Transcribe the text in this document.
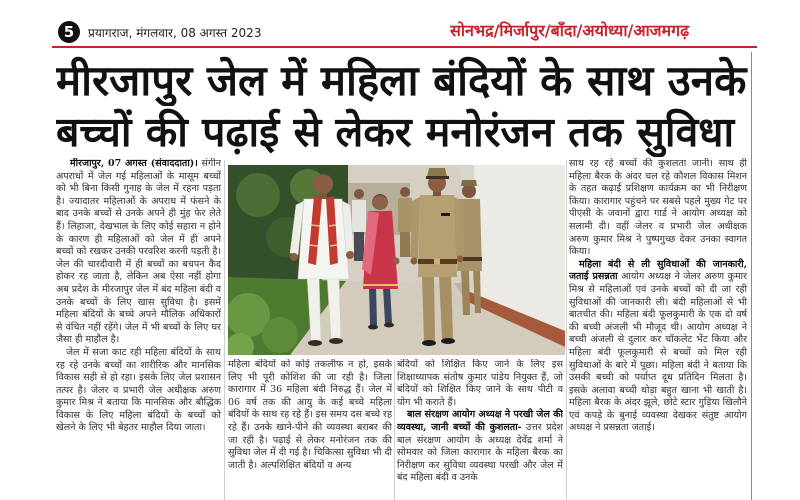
5	प्रयागराज, मंगलवार, 08 अगस्त 2023	सोनभद्र/मिर्जापुर/बाँदा/अयोध्या/आजमगढ़
मीरजापुर जेल में महिला बंदियों के साथ उनके
बच्चों की पढ़ाई से लेकर मनोरंजन तक सुविधा

मीरजापुर, 07 अगस्त (संवाददाता)। संगीन अपराधों में जेल गई महिलाओं के मासूम बच्चों को भी बिना किसी गुनाह के जेल में रहना पड़ता है। ज्यादातर महिलाओं के अपराध में फंसने के बाद उनके बच्चों से उनके अपने ही मुंह फेर लेते हैं। लिहाजा, देखभाल के लिए कोई सहारा न होने के कारण ही महिलाओं को जेल में ही अपने बच्चों को रखकर उनकी परवरिश करनी पड़ती है। जेल की चारदीवारी में ही बच्चों का बचपन कैद होकर रह जाता है, लेकिन अब ऐसा नहीं होगा अब प्रदेश के मीरजापुर जेल में बंद महिला बंदी व उनके बच्चों के लिए खास सुविधा है। इसमें महिला बंदियों के बच्चे अपने मौलिक अधिकारों से वंचित नहीं रहेंगे। जेल में भी बच्चों के लिए घर जैसा ही माहौल है।

जेल में सजा काट रही महिला बंदियों के साथ रह रहे उनके बच्चों का शारीरिक और मानसिक विकास सही से हो रहा। इसके लिए जेल प्रशासन तत्पर है। जेलर व प्रभारी जेल अधीक्षक अरुण कुमार मिश्र ने बताया कि मानसिक और बौद्धिक विकास के लिए महिला बंदियों के बच्चों को खेलने के लिए भी बेहतर माहौल दिया जाता।

महिला बंदियों को कोई तकलीफ न हो, इसके लिए भी पूरी कोशिश की जा रही है। जिला कारागार में 36 महिला बंदी निरुद्ध हैं। जेल में 06 वर्ष तक की आयु के कई बच्चे महिला बंदियों के साथ रह रहे हैं। इस समय दस बच्चे रह रहे हैं। उनके खाने-पीने की व्यवस्था बराबर की जा रही है। पढ़ाई से लेकर मनोरंजन तक की सुविधा जेल में दी गई है। चिकित्सा सुविधा भी दी जाती है। अल्पशिक्षित बंदियों व अन्य

बंदियों को शिक्षित किए जाने के लिए इस शिक्षाध्यापक संतोष कुमार पांडेय नियुक्त हैं, जो बंदियों को शिक्षित किए जाने के साथ पीटी व योग भी कराते हैं।

बाल संरक्षण आयोग अध्यक्ष ने परखी जेल की व्यवस्था, जानी बच्चों की कुशलता- उत्तर प्रदेश बाल संरक्षण आयोग के अध्यक्ष देवेंद्र शर्मा ने सोमवार को जिला कारागार के महिला बैरक का निरीक्षण कर सुविधा व्यवस्था परखी और जेल में बंद महिला बंदी व उनके

साथ रह रहे बच्चों की कुशलता जानी। साथ ही महिला बैरक के अंदर चल रहे कौशल विकास मिशन के तहत कढ़ाई प्रशिक्षण कार्यक्रम का भी निरीक्षण किया। कारागार पहुंचने पर सबसे पहले मुख्य गेट पर पीएसी के जवानों द्वारा गार्ड ने आयोग अध्यक्ष को सलामी दी। वहीं जेलर व प्रभारी जेल अधीक्षक अरुण कुमार मिश्र ने पुष्पगुच्छ देकर उनका स्वागत किया।

महिला बंदी से ली सुविधाओं की जानकारी, जताई प्रसन्नता आयोग अध्यक्ष ने जेलर अरुण कुमार मिश्र से महिलाओं एवं उनके बच्चों को दी जा रही सुविधाओं की जानकारी ली। बंदी महिलाओं से भी बातचीत की। महिला बंदी फूलकुमारी के एक दो वर्ष की बच्ची अंजली भी मौजूद थी। आयोग अध्यक्ष ने बच्ची अंजली से दुलार कर चॉकलेट भेंट किया और महिला बंदी फूलकुमारी से बच्चों को मिल रही सुविधाओं के बारे में पूछा। महिला बंदी ने बताया कि उसकी बच्ची को पर्याप्त दूध प्रतिदिन मिलता है। इसके अलावा बच्ची थोड़ा बहुत खाना भी खाती है। महिला बैरक के अंदर झूले, छोटे स्टार गुड़िया खिलौने एवं कपड़े के बुनाई व्यवस्था देखकर संतुष्ट आयोग अध्यक्ष ने प्रसन्नता जताई।
